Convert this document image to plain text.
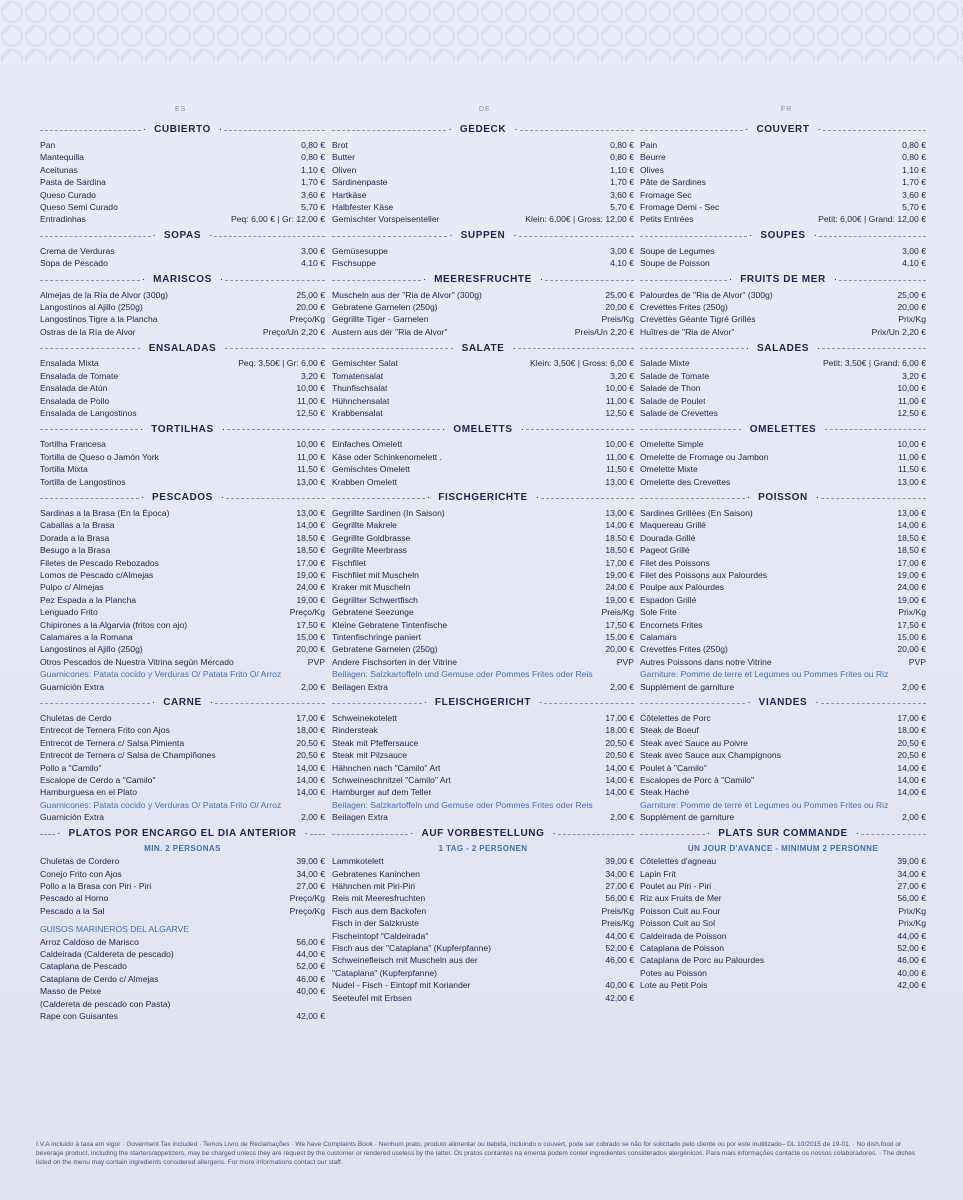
ES	DE	FR
· CUBIERTO ·
Pan	0,80 €
Mantequilla	0,80 €
Aceitunas	1,10 €
Pasta de Sardina	1,70 €
Queso Curado	3,60 €
Queso Semi Curado	5,70 €
Entradinhas	Peq: 6,00 € | Gr: 12,00 €
· SOPAS ·
Crema de Verduras	3,00 €
Sopa de Pescado	4,10 €
· MARISCOS ·
Almejas de la Ría de Alvor (300g)	25,00 €
Langostinos al Ajillo (250g)	20,00 €
Langostinos Tigre a la Plancha	Preço/Kg
Ostras de la Ría de Alvor	Preço/Un 2,20 €
· ENSALADAS ·
Ensalada Mixta	Peq: 3,50€ | Gr: 6,00 €
Ensalada de Tomate	3,20 €
Ensalada de Atún	10,00 €
Ensalada de Pollo	11,00 €
Ensalada de Langostinos	12,50 €
· TORTILHAS ·
Tortilha Francesa	10,00 €
Tortilla de Queso o Jamón York	11,00 €
Tortilla Mixta	11,50 €
Tortilla de Langostinos	13,00 €
· PESCADOS ·
Sardinas a la Brasa (En la Época)	13,00 €
Caballas a la Brasa	14,00 €
Dorada a la Brasa	18,50 €
Besugo a la Brasa	18,50 €
Filetes de Pescado Rebozados	17,00 €
Lomos de Pescado c/Almejas	19,00 €
Pulpo c/ Almejas	24,00 €
Pez Espada a la Plancha	19,00 €
Lenguado Frito	Preço/Kg
Chipirones a la Algarvia (fritos con ajo)	17,50 €
Calamares a la Romana	15,00 €
Langostinos al Ajillo (250g)	20,00 €
Otros Pescados de Nuestra Vitrina según Mercado	PVP
Guarnicones: Patata cocido y Verduras O/ Patata Frito O/ Arroz
Guarnición Extra	2,00 €
· CARNE ·
Chuletas de Cerdo	17,00 €
Entrecot de Ternera Frito con Ajos	18,00 €
Entrecot de Ternera c/ Salsa Pimienta	20,50 €
Entrecot de Ternera c/ Salsa de Champiñones	20,50 €
Pollo a "Camilo"	14,00 €
Escalope de Cerdo a "Camilo"	14,00 €
Hamburguesa en el Plato	14,00 €
Guarnicones: Patata cocido y Verduras O/ Patata Frito O/ Arroz
Guarnición Extra	2,00 €
· PLATOS POR ENCARGO EL DIA ANTERIOR ·
MIN. 2 PERSONAS
Chuletas de Cordero	39,00 €
Conejo Frito con Ajos	34,00 €
Pollo a la Brasa con Piri - Piri	27,00 €
Pescado al Horno	Preço/Kg
Pescado a la Sal	Preço/Kg
GUISOS MARINEROS DEL ALGARVE
Arroz Caldoso de Marisco	56,00 €
Caldeirada (Caldereta de pescado)	44,00 €
Cataplana de Pescado	52,00 €
Cataplana de Cerdo c/ Almejas	46,00 €
Masso de Peixe	40,00 €
(Caldereta de pescado con Pasta)
Rape con Guisantes	42,00 €
· GEDECK ·
Brot	0,80 €
Butter	0,80 €
Oliven	1,10 €
Sardinenpaste	1,70 €
Hartkäse	3,60 €
Halbfester Käse	5,70 €
Gemischter Vorspeisenteller	Klein: 6,00€ | Gross: 12,00 €
· SUPPEN ·
Gemüsesuppe	3,00 €
Fischsuppe	4,10 €
· MEERESFRUCHTE ·
Muscheln aus der "Ria de Alvor" (300g)	25,00 €
Gebratene Garnelen (250g)	20,00 €
Gegrillte Tiger - Garnelen	Preis/Kg
Austern aus der "Ria de Alvor"	Preis/Un 2,20 €
· SALATE ·
Gemischter Salat	Klein: 3,50€ | Gross: 6,00 €
Tomatensalat	3,20 €
Thunfischsalat	10,00 €
Hühnchensalat	11,00 €
Krabbensalat	12,50 €
· OMELETTS ·
Einfaches Omelett	10,00 €
Käse oder Schinkenomelett .	11,00 €
Gemischtes Omelett	11,50 €
Krabben Omelett	13,00 €
· FISCHGERICHTE ·
Gegrillte Sardinen (In Saison)	13,00 €
Gegrillte Makrele	14,00 €
Gegrillte Goldbrasse	18,50 €
Gegrillte Meerbrass	18,50 €
Fischfilet	17,00 €
Fischfilet mit Muscheln	19,00 €
Kraker mit Muscheln	24,00 €
Gegrillter Schwertfisch	19,00 €
Gebratene Seezunge	Preis/Kg
Kleine Gebratene Tintenfische	17,50 €
Tintenfischringe paniert	15,00 €
Gebratene Garnelen (250g)	20,00 €
Andere Fischsorten in der Vitrine	PVP
Beilagen: Salzkartoffeln und Gemuse oder Pommes Frites oder Reis
Beilagen Extra	2,00 €
· FLEISCHGERICHT ·
Schweinekotelett	17,00 €
Rindersteak	18,00 €
Steak mit Pfeffersauce	20,50 €
Steak mit Pilzsauce	20,50 €
Hähnchen nach "Camilo" Art	14,00 €
Schweineschnitzel "Camilo" Art	14,00 €
Hamburger auf dem Teller	14,00 €
Beilagen: Salzkartoffeln und Gemuse oder Pommes Frites oder Reis
Beilagen Extra	2,00 €
· AUF VORBESTELLUNG ·
1 TAG - 2 PERSONEN
Lammkotelett	39,00 €
Gebratenes Kaninchen	34,00 €
Hähnchen mit Piri-Piri	27,00 €
Reis mit Meeresfruchten	56,00 €
Fisch aus dem Backofen	Preis/Kg
Fisch in der Salzkruste	Preis/Kg
Fischeintopf "Caldeirada"	44,00 €
Fisch aus der "Cataplana" (Kupferpfanne)	52,00 €
Schweinefleisch mit Muscheln aus der	46,00 €
"Cataplana" (Kupferpfanne)
Nudel - Fisch - Eintopf mit Koriander	40,00 €
Seeteufel mit Erbsen	42,00 €
· COUVERT ·
Pain	0,80 €
Beurre	0,80 €
Olives	1,10 €
Pâte de Sardines	1,70 €
Fromage Sec	3,60 €
Fromage Demi - Sec	5,70 €
Petits Entrées	Petit: 6,00€ | Grand: 12,00 €
· SOUPES ·
Soupe de Legumes	3,00 €
Soupe de Poisson	4,10 €
· FRUITS DE MER ·
Palourdes de "Ria de Alvor" (300g)	25,00 €
Crevettes Frites (250g)	20,00 €
Crevettes Géante Tigré Grillés	Prix/Kg
Huîtres de "Ria de Alvor"	Prix/Un 2,20 €
· SALADES ·
Salade Mixte	Petit: 3,50€ | Grand: 6,00 €
Salade de Tomate	3,20 €
Salade de Thon	10,00 €
Salade de Poulet	11,00 €
Salade de Crevettes	12,50 €
· OMELETTES ·
Omelette Simple	10,00 €
Omelette de Fromage ou Jambon	11,00 €
Omelette Mixte	11,50 €
Omelette des Crevettes	13,00 €
· POISSON ·
Sardines Grillées (En Saison)	13,00 €
Maquereau Grillé	14,00 €
Dourada Grillé	18,50 €
Pageot Grillé	18,50 €
Filet des Poissons	17,00 €
Filet des Poissons aux Palourdes	19,00 €
Poulpe aux Palourdes	24,00 €
Espadon Grillé	19,00 €
Sole Frite	Prix/Kg
Encornets Frites	17,50 €
Calamars	15,00 €
Crevettes Frites (250g)	20,00 €
Autres Poissons dans notre Vitrine	PVP
Garniture: Pomme de terre et Legumes ou Pommes Frites ou Riz
Supplément de garniture	2,00 €
· VIANDES ·
Côtelettes de Porc	17,00 €
Steak de Boeuf	18,00 €
Steak avec Sauce au Poivre	20,50 €
Steak avec Sauce aux Champignons	20,50 €
Poulet à "Camilo"	14,00 €
Escalopes de Porc à "Camilo"	14,00 €
Steak Haché	14,00 €
Garniture: Pomme de terre et Legumes ou Pommes Frites ou Riz
Supplément de garniture	2,00 €
· PLATS SUR COMMANDE ·
UN JOUR D'AVANCE - MINIMUM 2 PERSONNE
Côtelettes d'agneau	39,00 €
Lapin Frit	34,00 €
Poulet au Piri - Piri	27,00 €
Riz aux Fruits de Mer	56,00 €
Poisson Cuit au Four	Prix/Kg
Poisson Cuit au Sol	Prix/Kg
Caldeirada de Poisson	44,00 €
Cataplana de Poisson	52,00 €
Cataplana de Porc au Palourdes	46,00 €
Potes au Poisson	40,00 €
Lote au Petit Pois	42,00 €
I.V.A incluido à taxa em vigor · Goverment Tax included · Temos Livro de Reclamações · We have Complaints Book · Nenhum prato, produto alimentar ou bebida, incluindo o couvert, pode ser cobrado se não for solicitado pelo cliente ou por este inutilizado– DL 10/2015 de 19-01. · No dish,food or beverage product, including the starters/appetizers, may be charged unless they are request by the customer or rendered useless by the latter. Os pratos contantes na ementa podem conter ingredientes considerados alergénicos. Para mais informações contacte os nossos colaboradores. · The dishes listed on the menu may contain ingredients considered allergens. For more informations contact our staff.
